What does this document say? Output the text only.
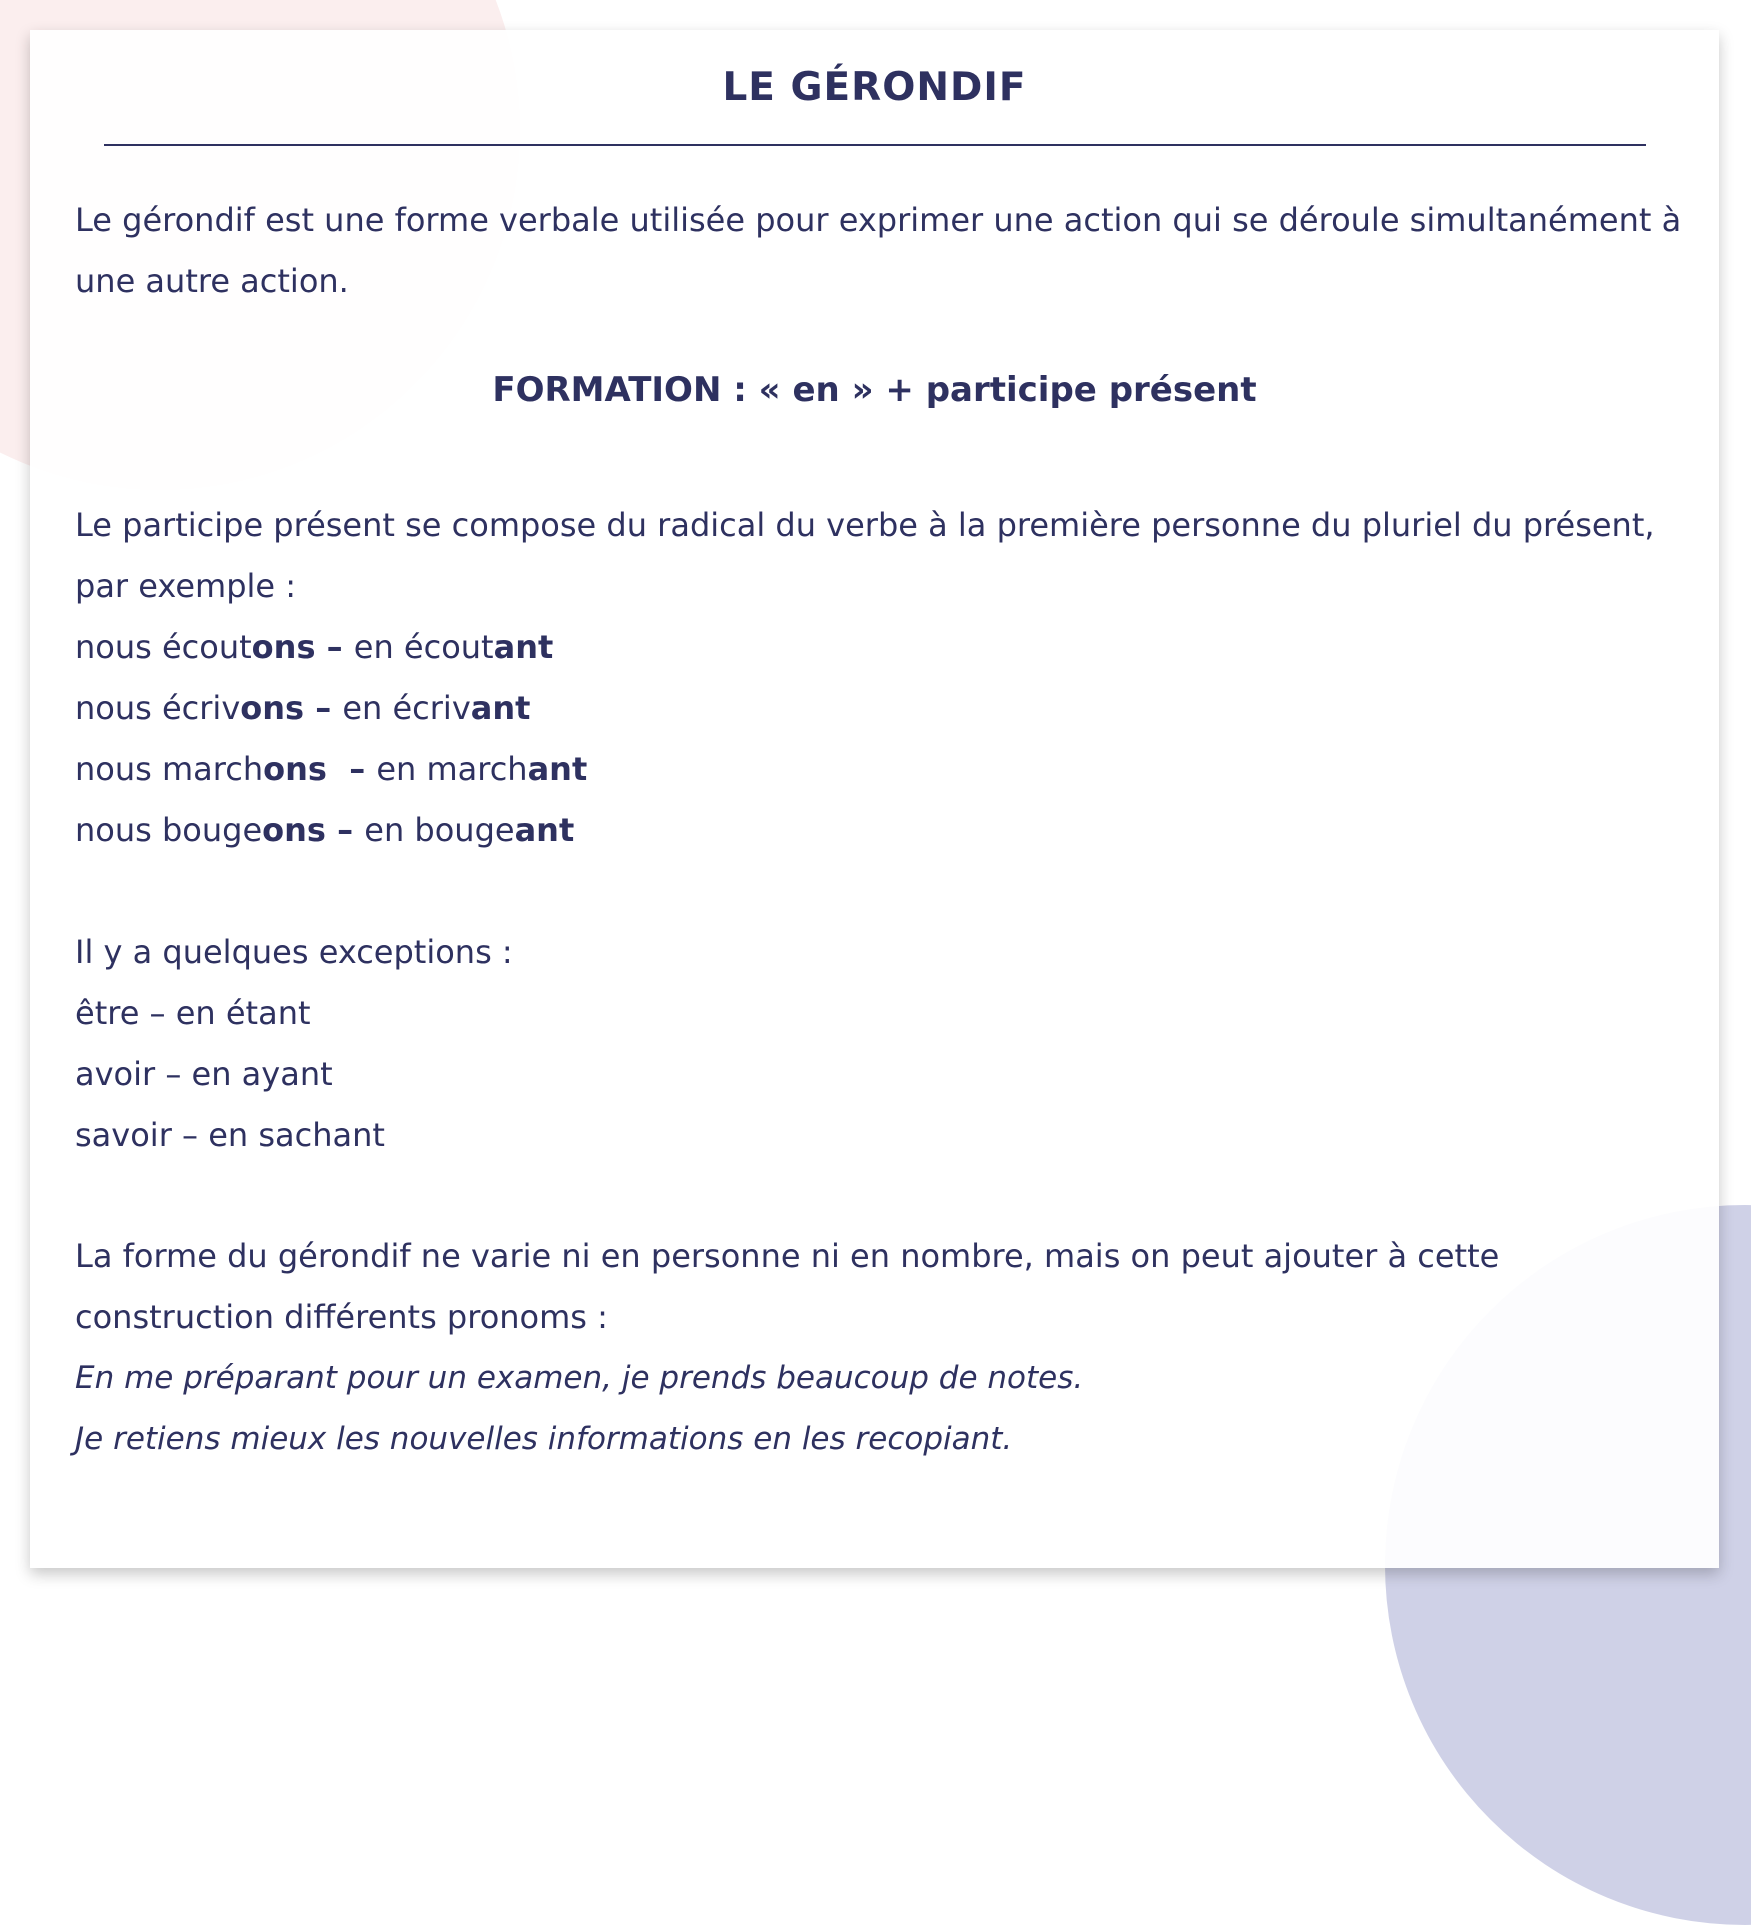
LE GÉRONDIF

Le gérondif est une forme verbale utilisée pour exprimer une action qui se déroule simultanément à une autre action.

FORMATION : « en » + participe présent

Le participe présent se compose du radical du verbe à la première personne du pluriel du présent, par exemple :

nous écoutons – en écoutant

nous écrivons – en écrivant

nous marchons  – en marchant

nous bougeons – en bougeant

Il y a quelques exceptions :

être – en étant

avoir – en ayant

savoir – en sachant

La forme du gérondif ne varie ni en personne ni en nombre, mais on peut ajouter à cette construction différents pronoms :

En me préparant pour un examen, je prends beaucoup de notes.

Je retiens mieux les nouvelles informations en les recopiant.
